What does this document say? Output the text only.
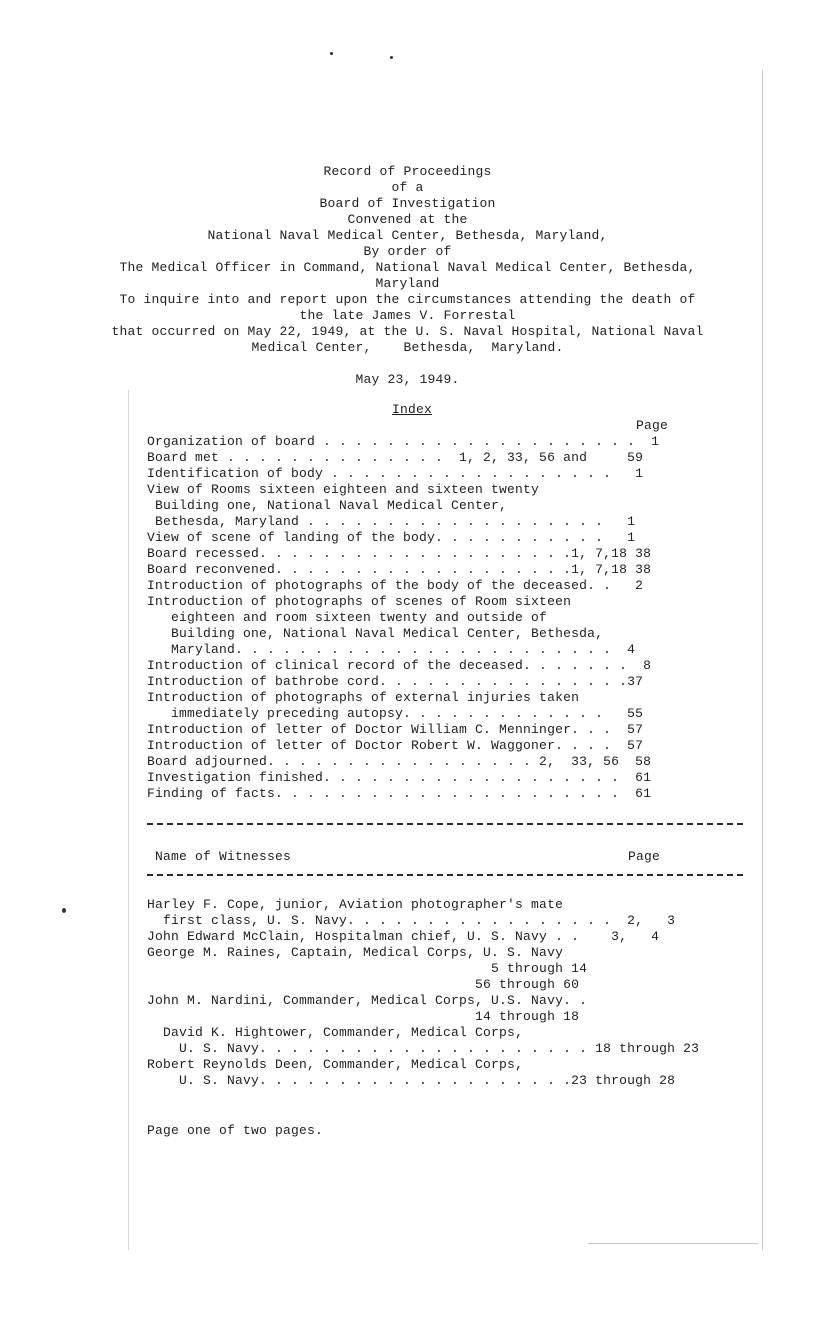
Record of Proceedings
of a
Board of Investigation
Convened at the
National Naval Medical Center, Bethesda, Maryland,
By order of
The Medical Officer in Command, National Naval Medical Center, Bethesda,
Maryland
To inquire into and report upon the circumstances attending the death of
the late James V. Forrestal
that occurred on May 22, 1949, at the U. S. Naval Hospital, National Naval
Medical Center,    Bethesda,  Maryland.
May 23, 1949.
Index
Page
Organization of board . . . . . . . . . . . . . . . . . . . .  1
Board met . . . . . . . . . . . . . .  1, 2, 33, 56 and     59
Identification of body . . . . . . . . . . . . . . . . . .   1
View of Rooms sixteen eighteen and sixteen twenty
Building one, National Naval Medical Center,
Bethesda, Maryland . . . . . . . . . . . . . . . . . . .   1
View of scene of landing of the body. . . . . . . . . . .   1
Board recessed. . . . . . . . . . . . . . . . . . . .1, 7,18 38
Board reconvened. . . . . . . . . . . . . . . . . . .1, 7,18 38
Introduction of photographs of the body of the deceased. .   2
Introduction of photographs of scenes of Room sixteen
eighteen and room sixteen twenty and outside of
Building one, National Naval Medical Center, Bethesda,
Maryland. . . . . . . . . . . . . . . . . . . . . . . .  4
Introduction of clinical record of the deceased. . . . . . .  8
Introduction of bathrobe cord. . . . . . . . . . . . . . . .37
Introduction of photographs of external injuries taken
immediately preceding autopsy. . . . . . . . . . . . .   55
Introduction of letter of Doctor William C. Menninger. . .  57
Introduction of letter of Doctor Robert W. Waggoner. . . .  57
Board adjourned. . . . . . . . . . . . . . . . . 2,  33, 56  58
Investigation finished. . . . . . . . . . . . . . . . . . .  61
Finding of facts. . . . . . . . . . . . . . . . . . . . . .  61
Name of Witnesses	Page
Harley F. Cope, junior, Aviation photographer's mate
first class, U. S. Navy. . . . . . . . . . . . . . . . .  2,   3
John Edward McClain, Hospitalman chief, U. S. Navy . .    3,   4
George M. Raines, Captain, Medical Corps, U. S. Navy
5 through 14
56 through 60
John M. Nardini, Commander, Medical Corps, U.S. Navy. .
14 through 18
David K. Hightower, Commander, Medical Corps,
U. S. Navy. . . . . . . . . . . . . . . . . . . . . 18 through 23
Robert Reynolds Deen, Commander, Medical Corps,
U. S. Navy. . . . . . . . . . . . . . . . . . . .23 through 28
Page one of two pages.
